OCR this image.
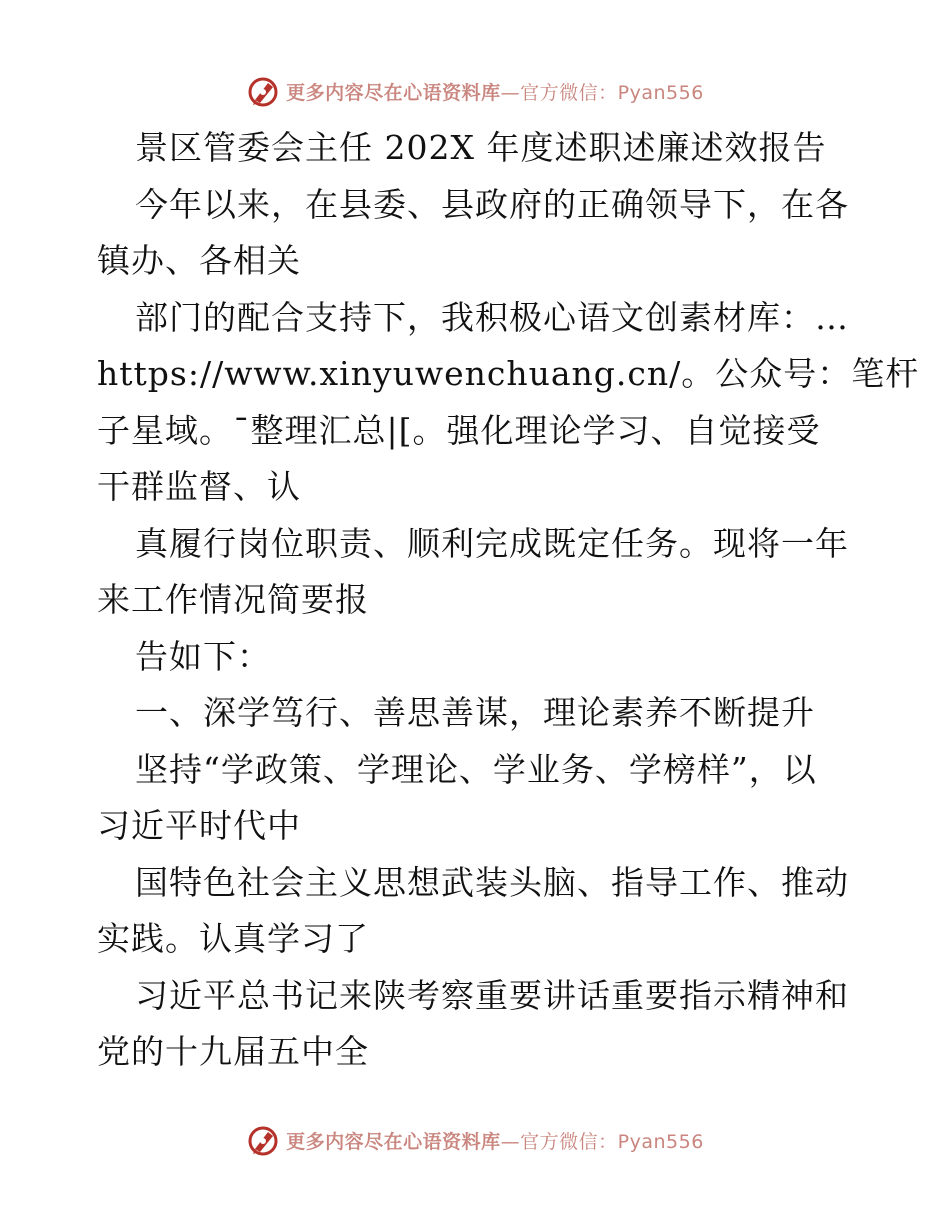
更多内容尽在心语资料库—官方微信：Pyan556
景区管委会主任 202X 年度述职述廉述效报告
今年以来，在县委、县政府的正确领导下，在各
镇办、各相关
部门的配合支持下，我积极心语文创素材库：…
https://www.xinyuwenchuang.cn/。公众号：笔杆
子星域。¯整理汇总|[。强化理论学习、自觉接受
干群监督、认
真履行岗位职责、顺利完成既定任务。现将一年
来工作情况简要报
告如下：
一、深学笃行、善思善谋，理论素养不断提升
坚持“学政策、学理论、学业务、学榜样”，以
习近平时代中
国特色社会主义思想武装头脑、指导工作、推动
实践。认真学习了
习近平总书记来陕考察重要讲话重要指示精神和
党的十九届五中全
更多内容尽在心语资料库—官方微信：Pyan556
